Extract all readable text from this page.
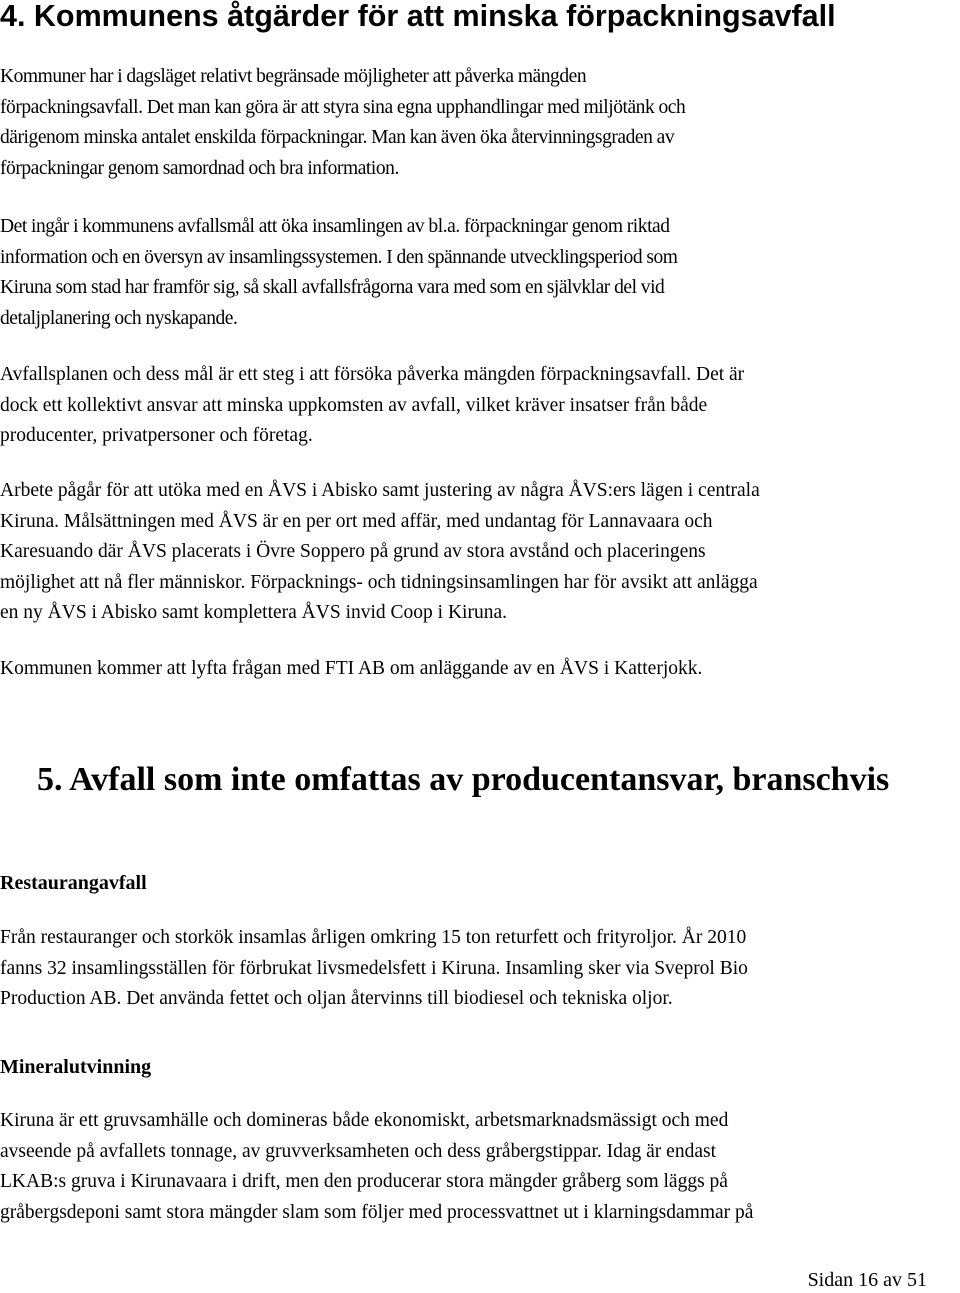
4. Kommunens åtgärder för att minska förpackningsavfall
Kommuner har i dagsläget relativt begränsade möjligheter att påverka mängden
förpackningsavfall. Det man kan göra är att styra sina egna upphandlingar med miljötänk och
därigenom minska antalet enskilda förpackningar. Man kan även öka återvinningsgraden av
förpackningar genom samordnad och bra information.
Det ingår i kommunens avfallsmål att öka insamlingen av bl.a. förpackningar genom riktad
information och en översyn av insamlingssystemen. I den spännande utvecklingsperiod som
Kiruna som stad har framför sig, så skall avfallsfrågorna vara med som en självklar del vid
detaljplanering och nyskapande.
Avfallsplanen och dess mål är ett steg i att försöka påverka mängden förpackningsavfall. Det är
dock ett kollektivt ansvar att minska uppkomsten av avfall, vilket kräver insatser från både
producenter, privatpersoner och företag.
Arbete pågår för att utöka med en ÅVS i Abisko samt justering av några ÅVS:ers lägen i centrala
Kiruna. Målsättningen med ÅVS är en per ort med affär, med undantag för Lannavaara och
Karesuando där ÅVS placerats i Övre Soppero på grund av stora avstånd och placeringens
möjlighet att nå fler människor. Förpacknings- och tidningsinsamlingen har för avsikt att anlägga
en ny ÅVS i Abisko samt komplettera ÅVS invid Coop i Kiruna.
Kommunen kommer att lyfta frågan med FTI AB om anläggande av en ÅVS i Katterjokk.
5. Avfall som inte omfattas av producentansvar, branschvis
Restaurangavfall
Från restauranger och storkök insamlas årligen omkring 15 ton returfett och frityroljor. År 2010
fanns 32 insamlingsställen för förbrukat livsmedelsfett i Kiruna. Insamling sker via Sveprol Bio
Production AB. Det använda fettet och oljan återvinns till biodiesel och tekniska oljor.
Mineralutvinning
Kiruna är ett gruvsamhälle och domineras både ekonomiskt, arbetsmarknadsmässigt och med
avseende på avfallets tonnage, av gruvverksamheten och dess gråbergstippar. Idag är endast
LKAB:s gruva i Kirunavaara i drift, men den producerar stora mängder gråberg som läggs på
gråbergsdeponi samt stora mängder slam som följer med processvattnet ut i klarningsdammar på
Sidan 16 av 51
